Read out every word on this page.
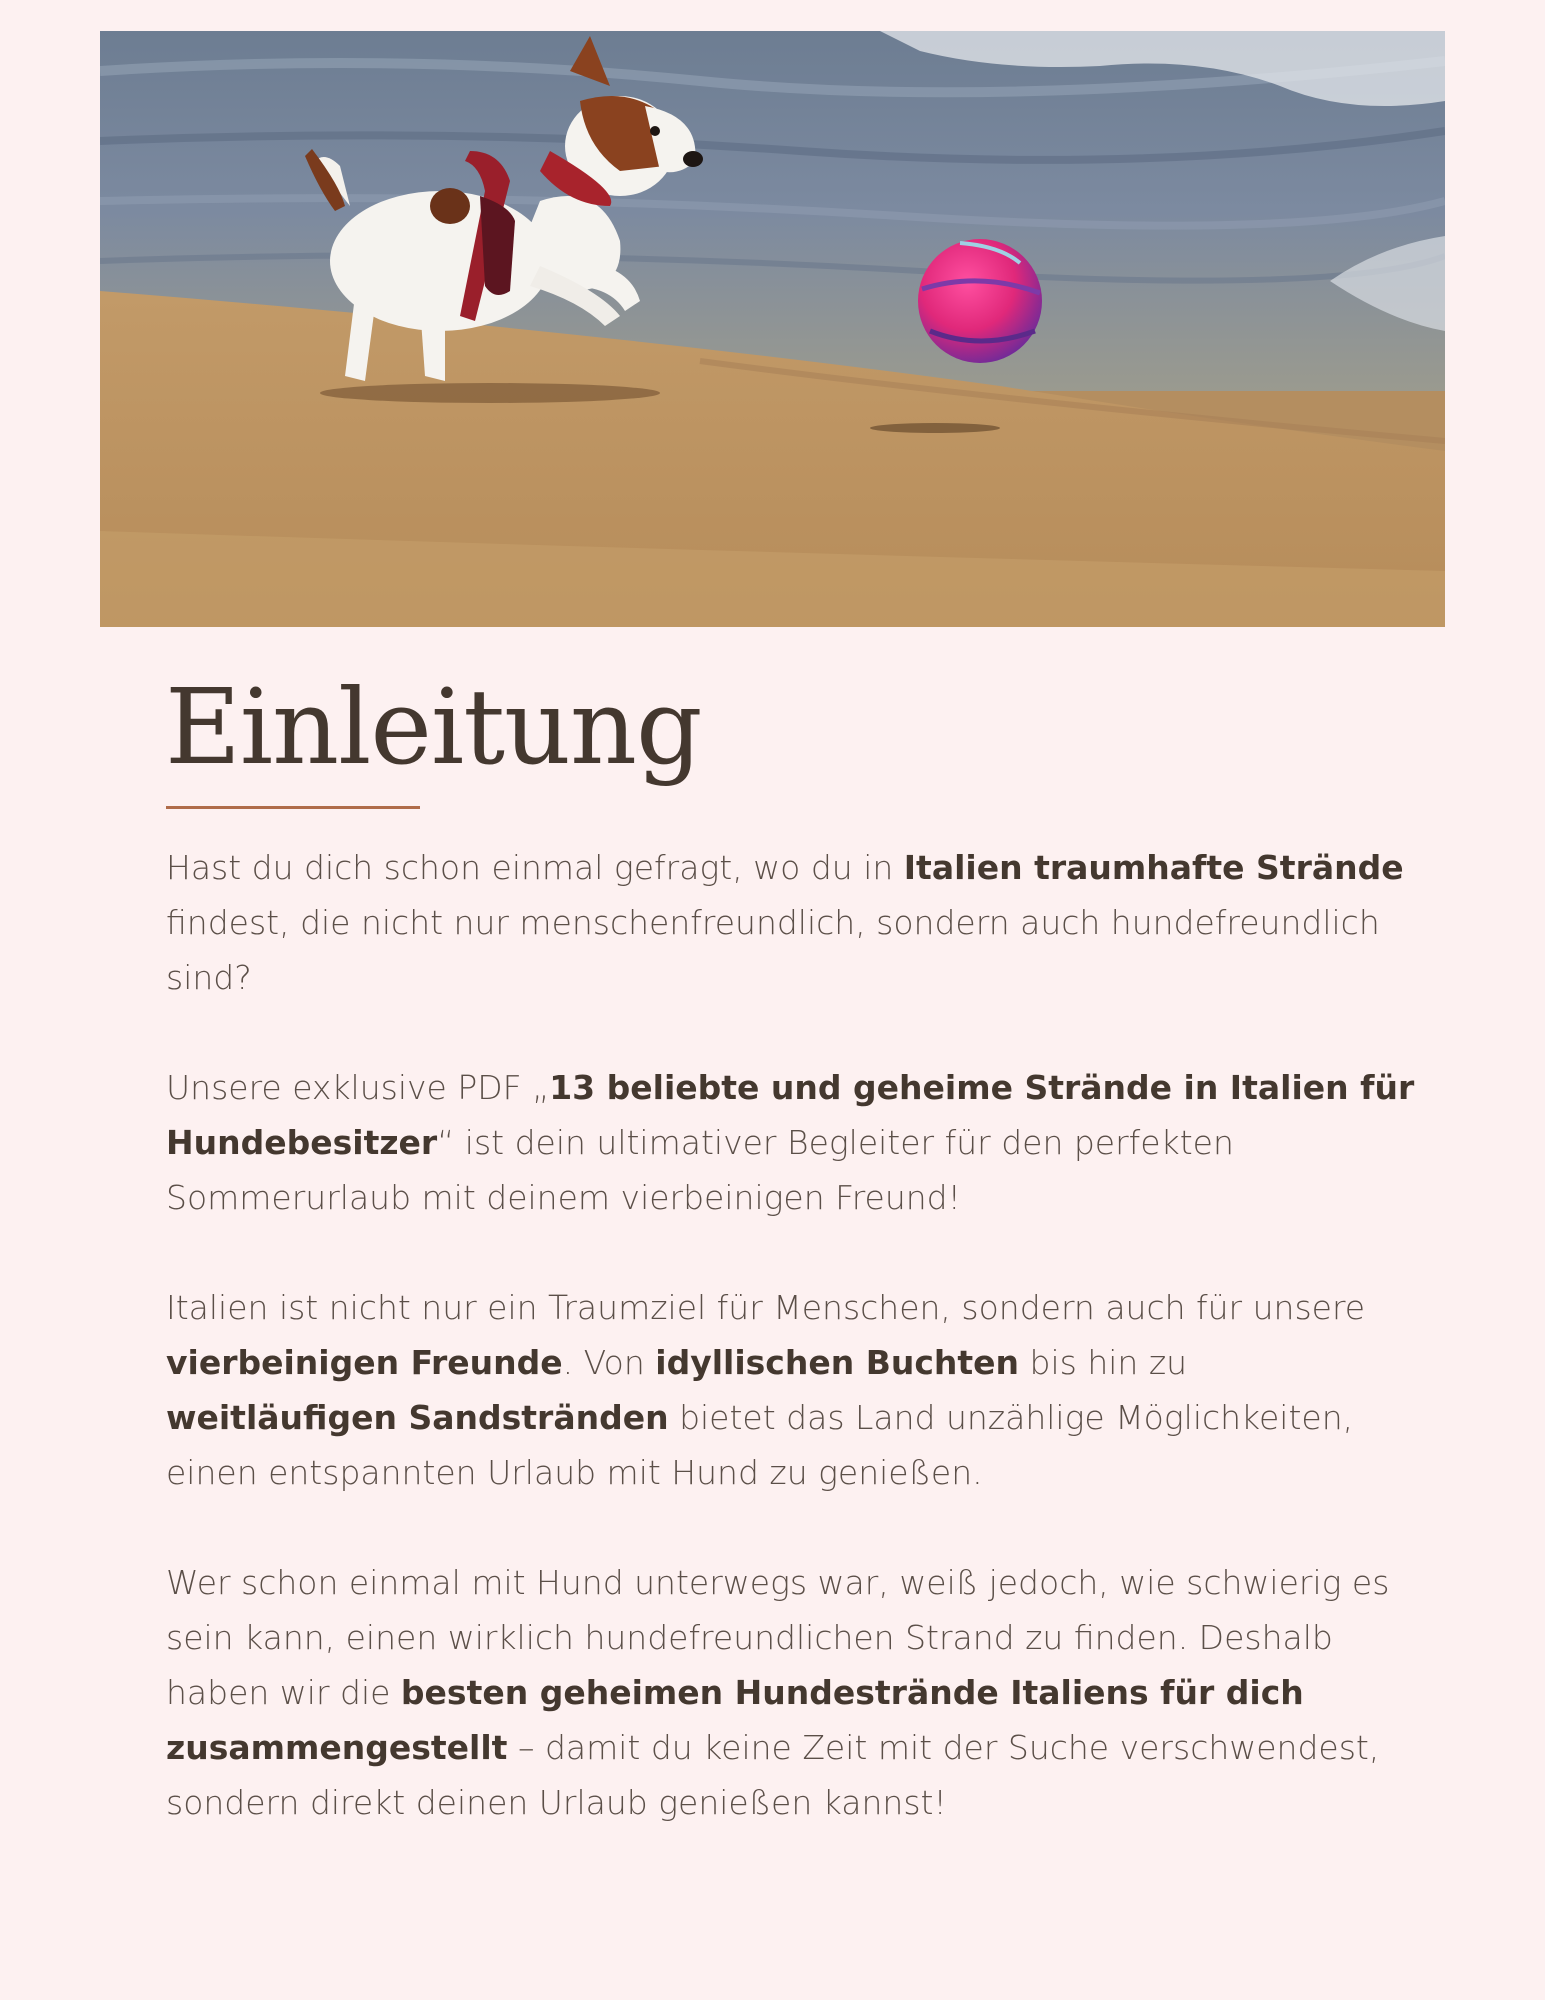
Einleitung

Hast du dich schon einmal gefragt, wo du in Italien traumhafte Strände findest, die nicht nur menschenfreundlich, sondern auch hundefreundlich sind?

Unsere exklusive PDF „13 beliebte und geheime Strände in Italien für Hundebesitzer“ ist dein ultimativer Begleiter für den perfekten Sommerurlaub mit deinem vierbeinigen Freund!

Italien ist nicht nur ein Traumziel für Menschen, sondern auch für unsere vierbeinigen Freunde. Von idyllischen Buchten bis hin zu weitläufigen Sandstränden bietet das Land unzählige Möglichkeiten, einen entspannten Urlaub mit Hund zu genießen.

Wer schon einmal mit Hund unterwegs war, weiß jedoch, wie schwierig es sein kann, einen wirklich hundefreundlichen Strand zu finden. Deshalb haben wir die besten geheimen Hundestrände Italiens für dich zusammengestellt – damit du keine Zeit mit der Suche verschwendest, sondern direkt deinen Urlaub genießen kannst!
